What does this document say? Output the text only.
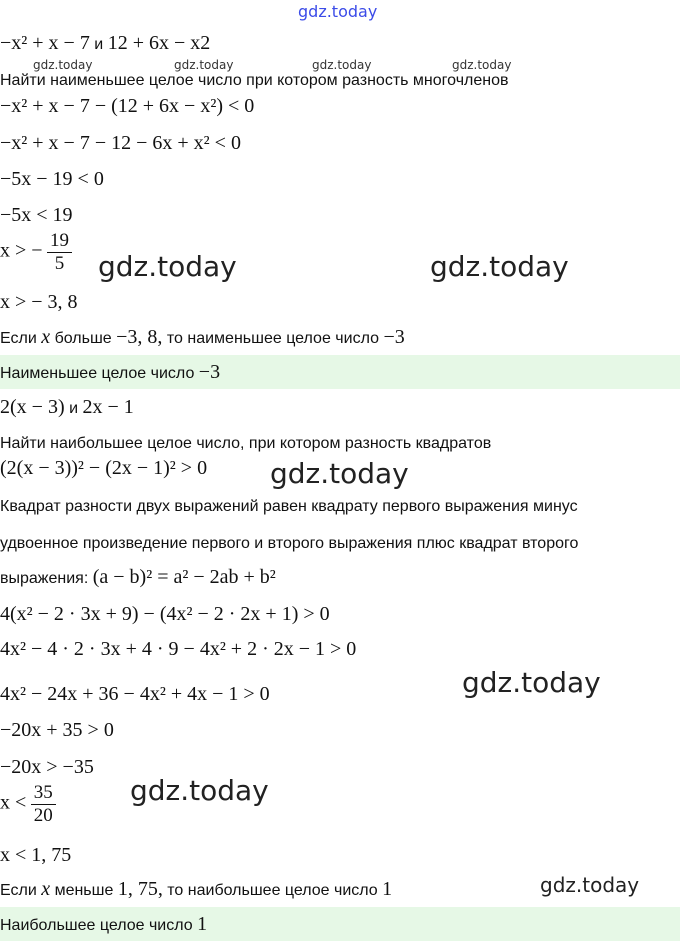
gdz.today
−x² + x − 7 и 12 + 6x − x2
gdz.today	gdz.today	gdz.today	gdz.today
Найти наименьшее целое число при котором разность многочленов
−x² + x − 7 − (12 + 6x − x²) < 0
−x² + x − 7 − 12 − 6x + x² < 0
−5x − 19 < 0
−5x < 19
x > − $\frac{19}{5}$ gdz.today	gdz.today
x > − 3, 8
Если x больше −3, 8, то наименьшее целое число −3
Наименьшее целое число −3
2(x − 3) и 2x − 1
Найти наибольшее целое число, при котором разность квадратов
(2(x − 3))² − (2x − 1)² > 0 gdz.today
Квадрат разности двух выражений равен квадрату первого выражения минус
удвоенное произведение первого и второго выражения плюс квадрат второго
выражения: (a − b)² = a² − 2ab + b²
4(x² − 2 · 3x + 9) − (4x² − 2 · 2x + 1) > 0
4x² − 4 · 2 · 3x + 4 · 9 − 4x² + 2 · 2x − 1 > 0
gdz.today
4x² − 24x + 36 − 4x² + 4x − 1 > 0
−20x + 35 > 0
−20x > −35
$x < \frac{35}{20}$	gdz.today
x < 1, 75
Если x меньше 1, 75, то наибольшее целое число 1	gdz.today
Наибольшее целое число 1
